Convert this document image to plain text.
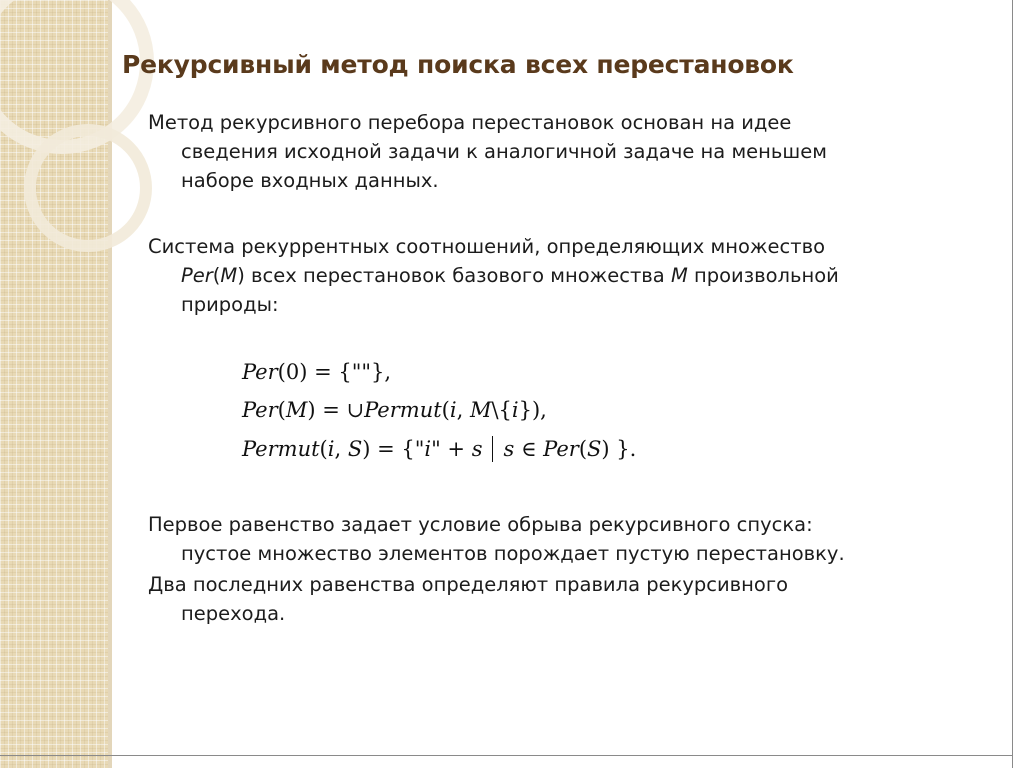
Рекурсивный метод поиска всех перестановок

Метод рекурсивного перебора перестановок основан на идее
сведения исходной задачи к аналогичной задаче на меньшем
наборе входных данных.

Система рекуррентных соотношений, определяющих множество
Per(M) всех перестановок базового множества M произвольной
природы:

Per(0) = {""},
Per(M) = ∪Permut(i, M\{i}),
Permut(i, S) = {"i" + s s ∈ Per(S) }.

Первое равенство задает условие обрыва рекурсивного спуска:
пустое множество элементов порождает пустую перестановку.

Два последних равенства определяют правила рекурсивного
перехода.
